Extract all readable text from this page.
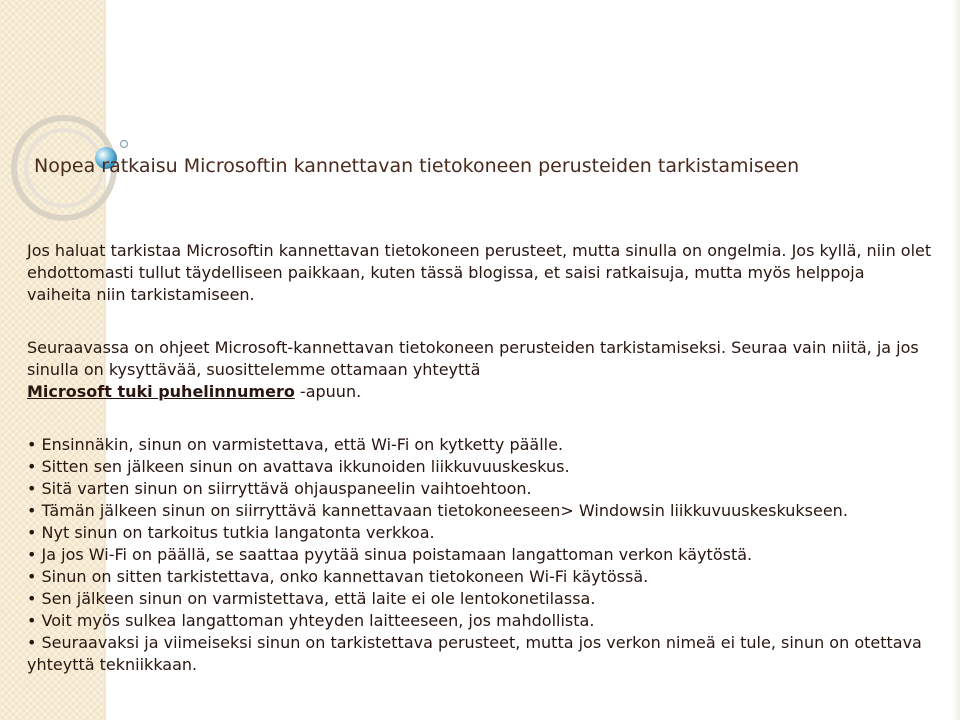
Nopea ratkaisu Microsoftin kannettavan tietokoneen perusteiden tarkistamiseen

Jos haluat tarkistaa Microsoftin kannettavan tietokoneen perusteet, mutta sinulla on ongelmia. Jos kyllä, niin olet ehdottomasti tullut täydelliseen paikkaan, kuten tässä blogissa, et saisi ratkaisuja, mutta myös helppoja vaiheita niin tarkistamiseen.

Seuraavassa on ohjeet Microsoft-kannettavan tietokoneen perusteiden tarkistamiseksi. Seuraa vain niitä, ja jos sinulla on kysyttävää, suosittelemme ottamaan yhteyttä
Microsoft tuki puhelinnumero -apuun.

• Ensinnäkin, sinun on varmistettava, että Wi-Fi on kytketty päälle.
• Sitten sen jälkeen sinun on avattava ikkunoiden liikkuvuuskeskus.
• Sitä varten sinun on siirryttävä ohjauspaneelin vaihtoehtoon.
• Tämän jälkeen sinun on siirryttävä kannettavaan tietokoneeseen> Windowsin liikkuvuuskeskukseen.
• Nyt sinun on tarkoitus tutkia langatonta verkkoa.
• Ja jos Wi-Fi on päällä, se saattaa pyytää sinua poistamaan langattoman verkon käytöstä.
• Sinun on sitten tarkistettava, onko kannettavan tietokoneen Wi-Fi käytössä.
• Sen jälkeen sinun on varmistettava, että laite ei ole lentokonetilassa.
• Voit myös sulkea langattoman yhteyden laitteeseen, jos mahdollista.
• Seuraavaksi ja viimeiseksi sinun on tarkistettava perusteet, mutta jos verkon nimeä ei tule, sinun on otettava yhteyttä tekniikkaan.
